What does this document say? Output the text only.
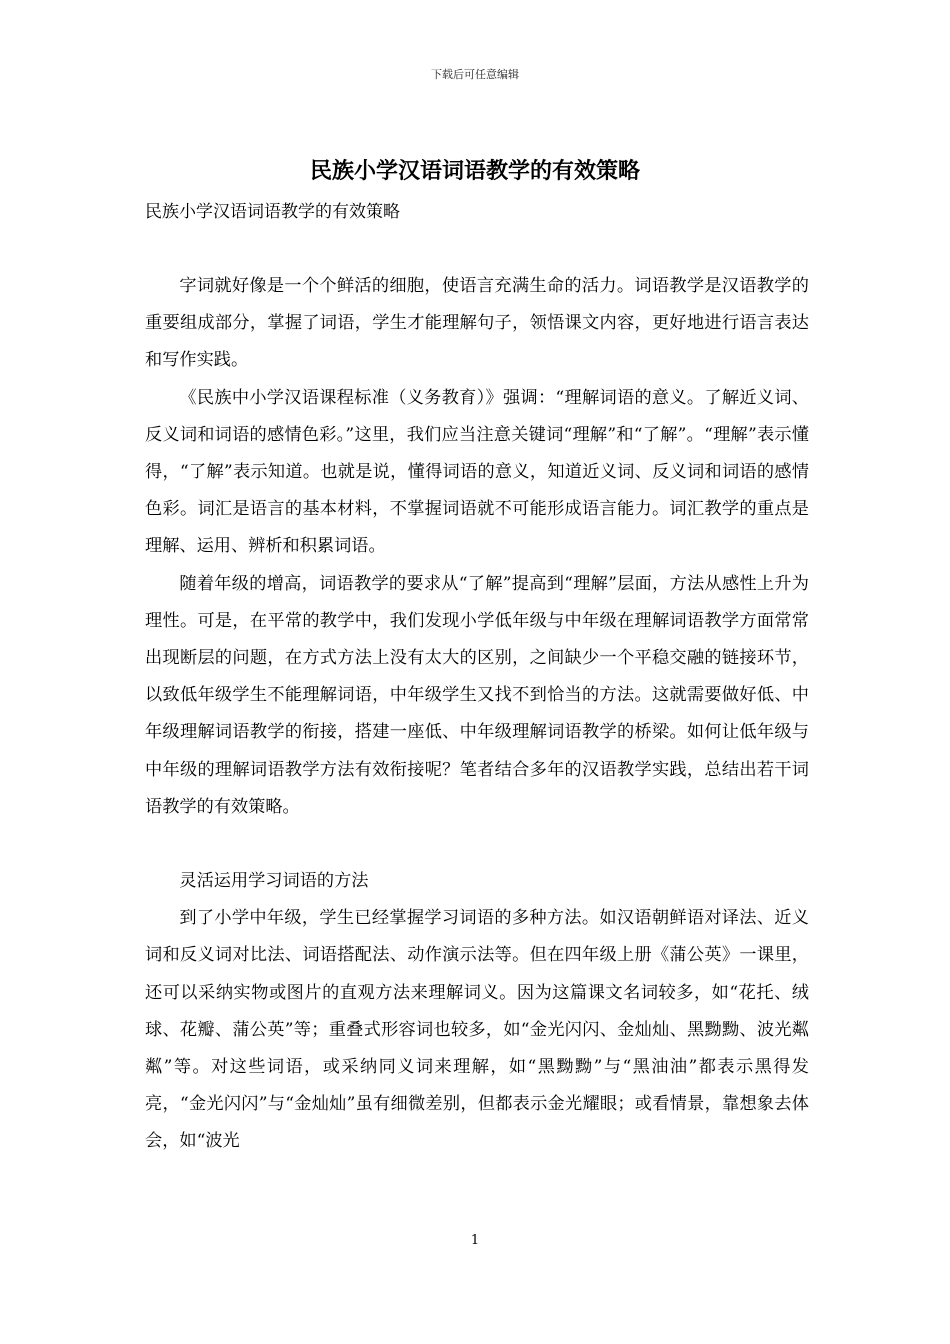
下载后可任意编辑
民族小学汉语词语教学的有效策略

民族小学汉语词语教学的有效策略

字词就好像是一个个鲜活的细胞，使语言充满生命的活力。词语教学是汉语教学的重要组成部分，掌握了词语，学生才能理解句子，领悟课文内容，更好地进行语言表达和写作实践。

《民族中小学汉语课程标准（义务教育）》强调：“理解词语的意义。了解近义词、反义词和词语的感情色彩。”这里，我们应当注意关键词“理解”和“了解”。“理解”表示懂得，“了解”表示知道。也就是说，懂得词语的意义，知道近义词、反义词和词语的感情色彩。词汇是语言的基本材料，不掌握词语就不可能形成语言能力。词汇教学的重点是理解、运用、辨析和积累词语。

随着年级的增高，词语教学的要求从“了解”提高到“理解”层面，方法从感性上升为理性。可是，在平常的教学中，我们发现小学低年级与中年级在理解词语教学方面常常出现断层的问题，在方式方法上没有太大的区别，之间缺少一个平稳交融的链接环节，以致低年级学生不能理解词语，中年级学生又找不到恰当的方法。这就需要做好低、中年级理解词语教学的衔接，搭建一座低、中年级理解词语教学的桥梁。如何让低年级与中年级的理解词语教学方法有效衔接呢？笔者结合多年的汉语教学实践，总结出若干词语教学的有效策略。

灵活运用学习词语的方法

到了小学中年级，学生已经掌握学习词语的多种方法。如汉语朝鲜语对译法、近义词和反义词对比法、词语搭配法、动作演示法等。但在四年级上册《蒲公英》一课里，还可以采纳实物或图片的直观方法来理解词义。因为这篇课文名词较多，如“花托、绒球、花瓣、蒲公英”等；重叠式形容词也较多，如“金光闪闪、金灿灿、黑黝黝、波光粼粼”等。对这些词语，或采纳同义词来理解，如“黑黝黝”与“黑油油”都表示黑得发亮，“金光闪闪”与“金灿灿”虽有细微差别，但都表示金光耀眼；或看情景，靠想象去体会，如“波光

1
